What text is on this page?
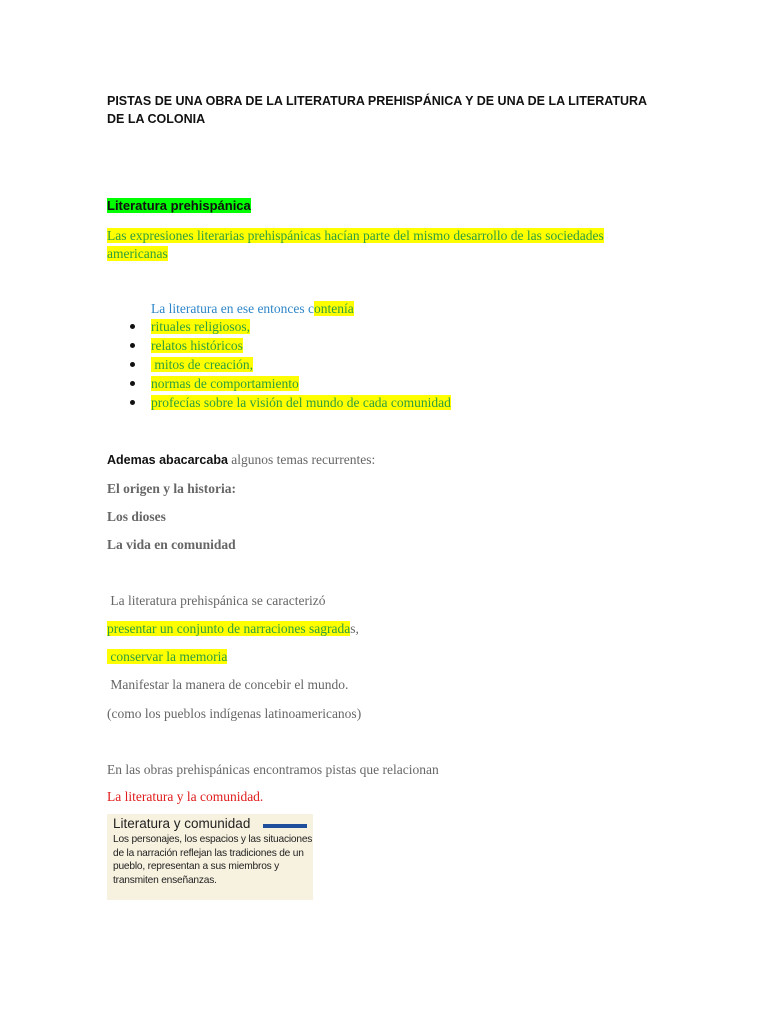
PISTAS DE UNA OBRA DE LA LITERATURA PREHISPÁNICA Y DE UNA DE LA LITERATURA DE LA COLONIA
Literatura prehispánica
Las expresiones literarias prehispánicas hacían parte del mismo desarrollo de las sociedades americanas
La literatura en ese entonces contenía
rituales religiosos,
relatos históricos
mitos de creación,
normas de comportamiento
profecías sobre la visión del mundo de cada comunidad
Ademas abacarcaba algunos temas recurrentes:
El origen y la historia:
Los dioses
La vida en comunidad
La literatura prehispánica se caracterizó
presentar un conjunto de narraciones sagradas,
conservar la memoria
Manifestar la manera de concebir el mundo.
(como los pueblos indígenas latinoamericanos)
En las obras prehispánicas encontramos pistas que relacionan
La literatura y la comunidad.
Literatura y comunidad
Los personajes, los espacios y las situaciones de la narración reflejan las tradiciones de un pueblo, representan a sus miembros y transmiten enseñanzas.
